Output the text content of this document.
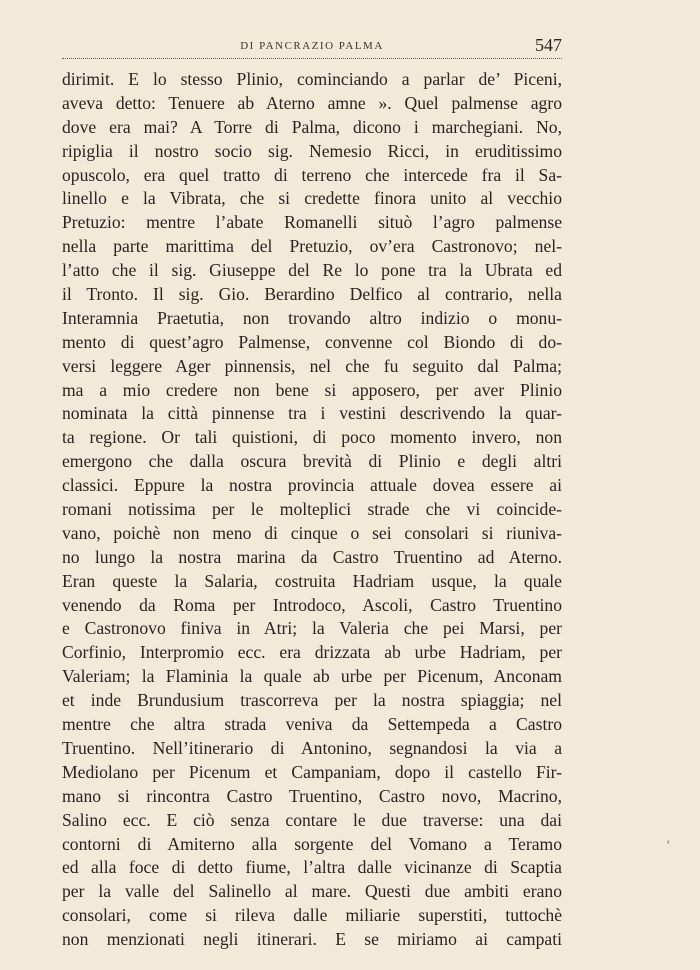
DI PANCRAZIO PALMA	547
dirimit. E lo stesso Plinio, cominciando a parlar de’ Piceni,
aveva detto: Tenuere ab Aterno amne ». Quel palmense agro
dove era mai? A Torre di Palma, dicono i marchegiani. No,
ripiglia il nostro socio sig. Nemesio Ricci, in eruditissimo
opuscolo, era quel tratto di terreno che intercede fra il Sa-
linello e la Vibrata, che si credette finora unito al vecchio
Pretuzio: mentre l’abate Romanelli situò l’agro palmense
nella parte marittima del Pretuzio, ov’era Castronovo; nel-
l’atto che il sig. Giuseppe del Re lo pone tra la Ubrata ed
il Tronto. Il sig. Gio. Berardino Delfico al contrario, nella
Interamnia Praetutia, non trovando altro indizio o monu-
mento di quest’agro Palmense, convenne col Biondo di do-
versi leggere Ager pinnensis, nel che fu seguito dal Palma;
ma a mio credere non bene si apposero, per aver Plinio
nominata la città pinnense tra i vestini descrivendo la quar-
ta regione. Or tali quistioni, di poco momento invero, non
emergono che dalla oscura brevità di Plinio e degli altri
classici. Eppure la nostra provincia attuale dovea essere ai
romani notissima per le molteplici strade che vi coincide-
vano, poichè non meno di cinque o sei consolari si riuniva-
no lungo la nostra marina da Castro Truentino ad Aterno.
Eran queste la Salaria, costruita Hadriam usque, la quale
venendo da Roma per Introdoco, Ascoli, Castro Truentino
e Castronovo finiva in Atri; la Valeria che pei Marsi, per
Corfinio, Interpromio ecc. era drizzata ab urbe Hadriam, per
Valeriam; la Flaminia la quale ab urbe per Picenum, Anconam
et inde Brundusium trascorreva per la nostra spiaggia; nel
mentre che altra strada veniva da Settempeda a Castro
Truentino. Nell’itinerario di Antonino, segnandosi la via a
Mediolano per Picenum et Campaniam, dopo il castello Fir-
mano si rincontra Castro Truentino, Castro novo, Macrino,
Salino ecc. E ciò senza contare le due traverse: una dai
contorni di Amiterno alla sorgente del Vomano a Teramo
ed alla foce di detto fiume, l’altra dalle vicinanze di Scaptia
per la valle del Salinello al mare. Questi due ambiti erano
consolari, come si rileva dalle miliarie superstiti, tuttochè
non menzionati negli itinerari. E se miriamo ai campati
ʻ
